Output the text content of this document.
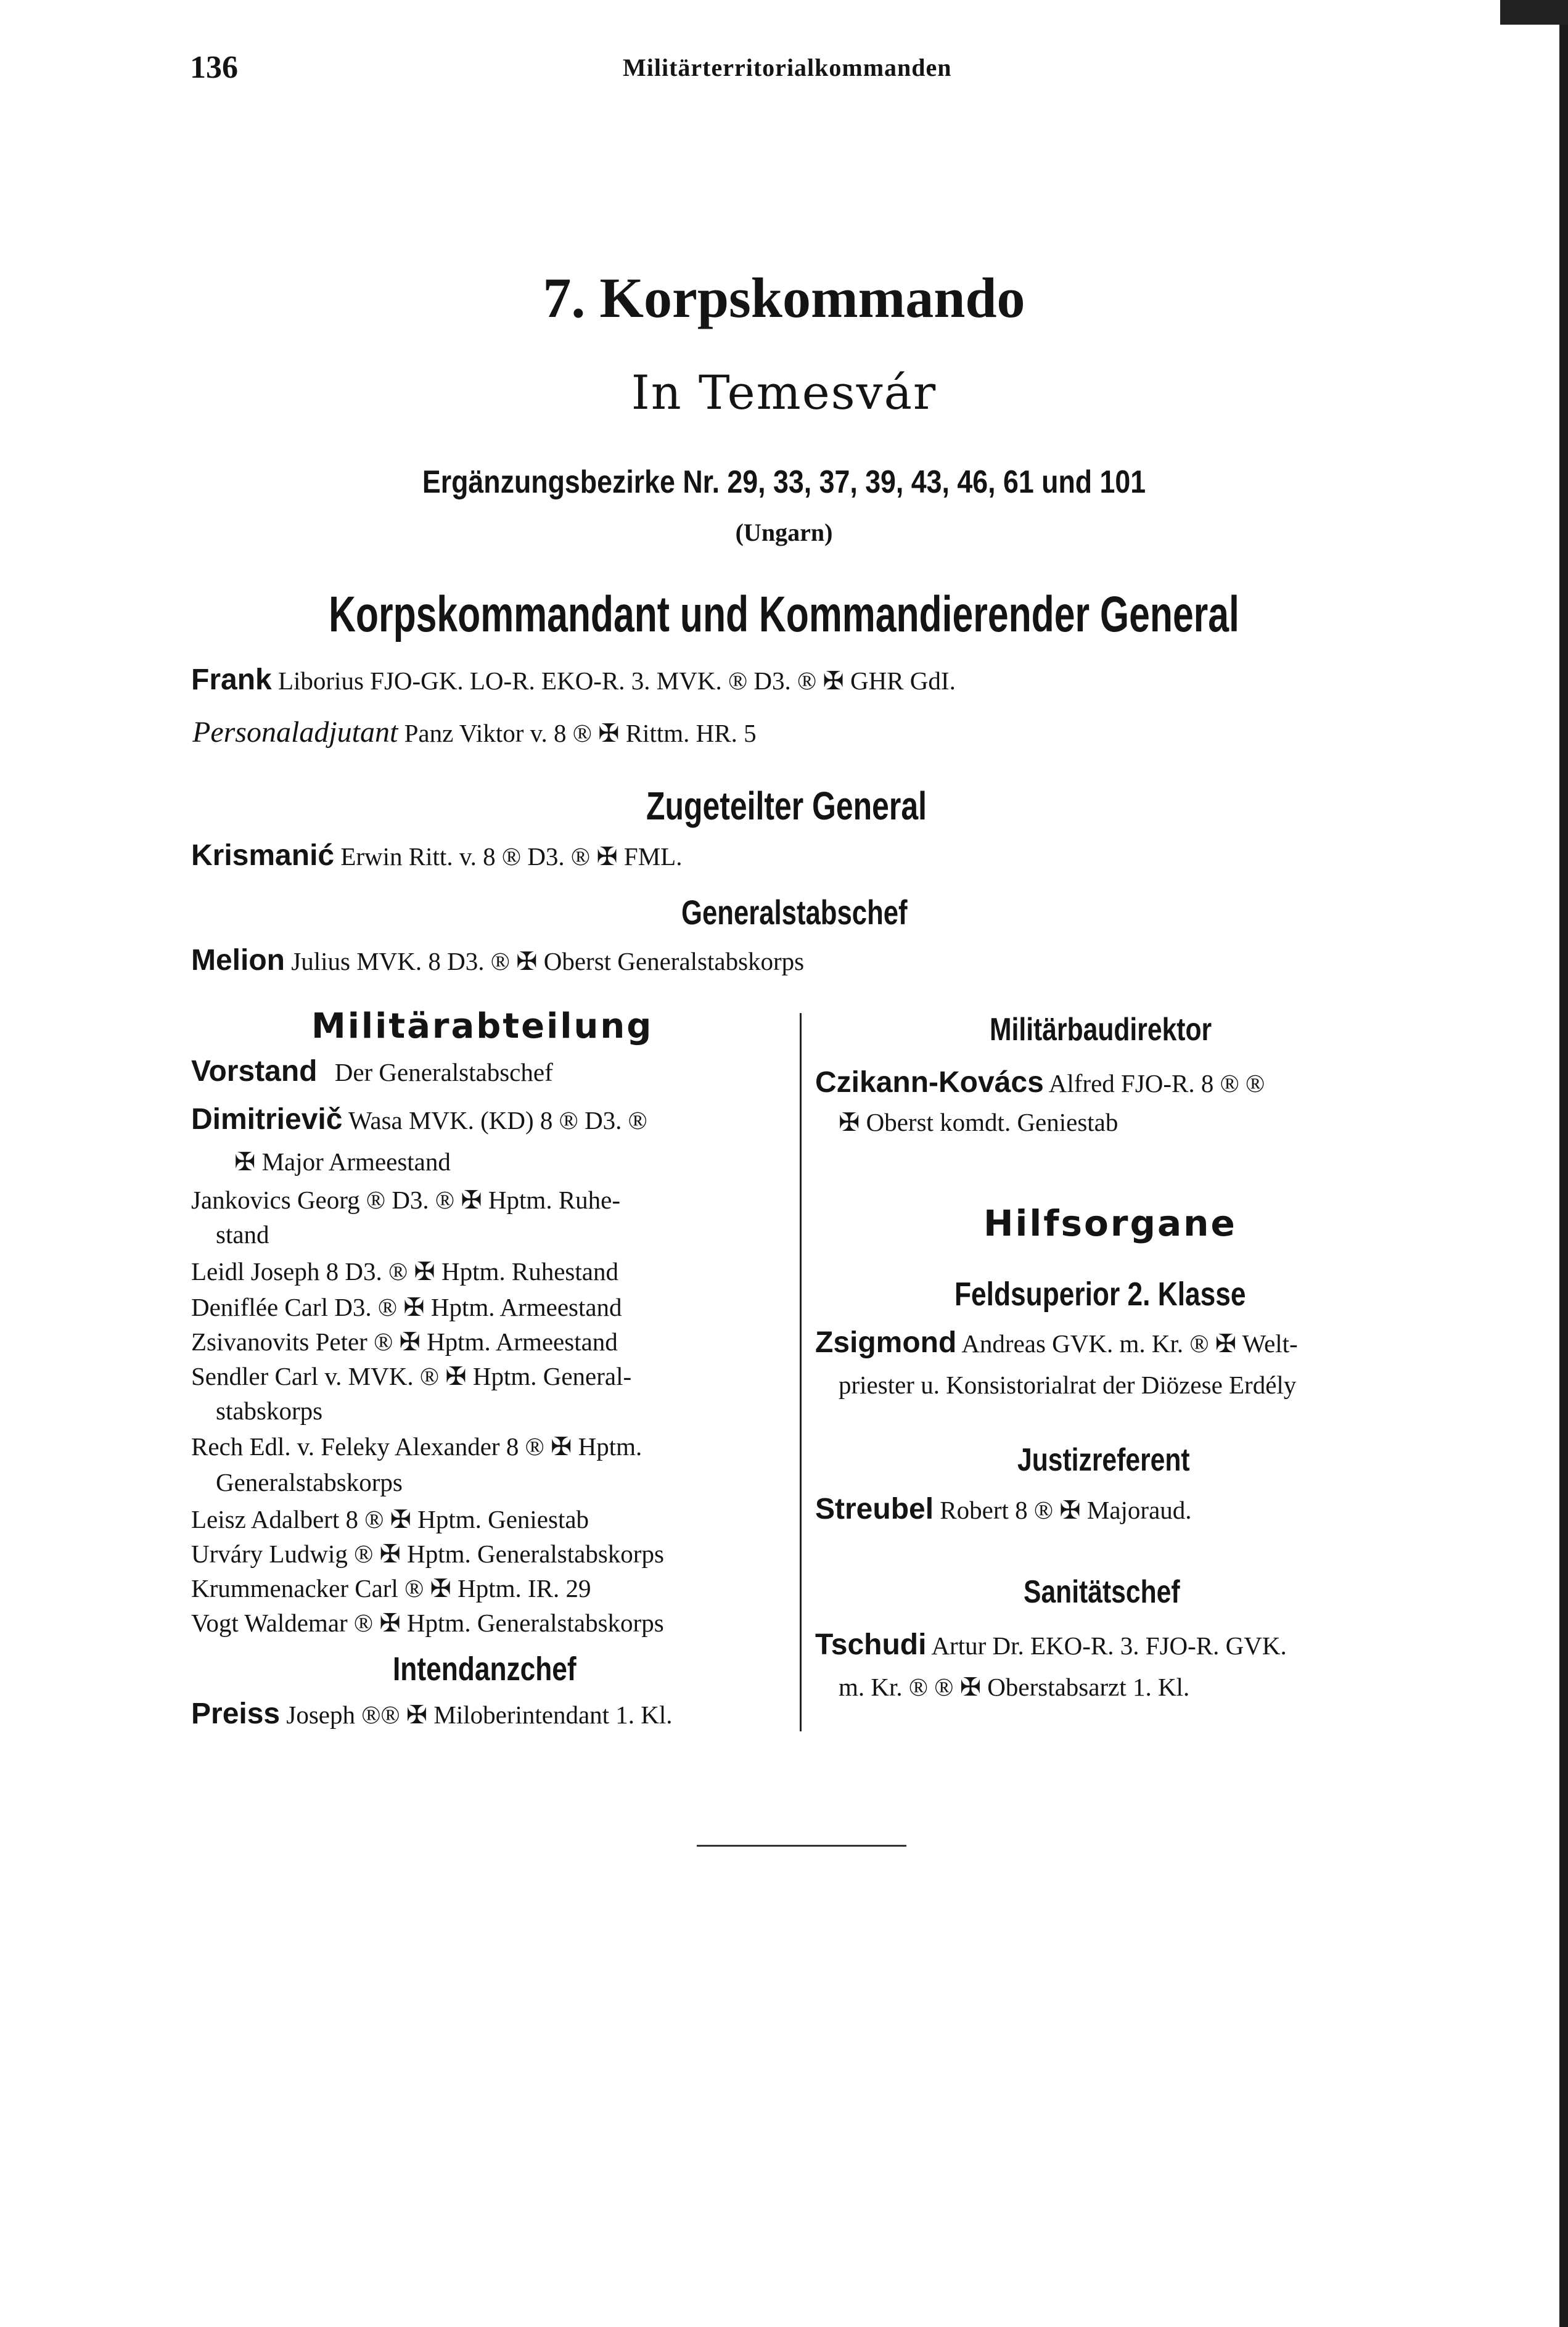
136	Militärterritorialkommanden
7. Korpskommando
In Temesvár
Ergänzungsbezirke Nr. 29, 33, 37, 39, 43, 46, 61 und 101
(Ungarn)
Korpskommandant und Kommandierender General
Frank Liborius FJO-GK. LO-R. EKO-R. 3. MVK. ® D3. ® ✠ GHR GdI.
Personaladjutant Panz Viktor v. 8 ® ✠ Rittm. HR. 5
Zugeteilter General
Krismanić Erwin Ritt. v. 8 ® D3. ® ✠ FML.
Generalstabschef
Melion Julius MVK. 8 D3. ® ✠ Oberst Generalstabskorps
Militärabteilung
Vorstand Der Generalstabschef
Dimitrievič Wasa MVK. (KD) 8 ® D3. ®
✠ Major Armeestand
Jankovics Georg ® D3. ® ✠ Hptm. Ruhe-
stand
Leidl Joseph 8 D3. ® ✠ Hptm. Ruhestand
Deniflée Carl D3. ® ✠ Hptm. Armeestand
Zsivanovits Peter ® ✠ Hptm. Armeestand
Sendler Carl v. MVK. ® ✠ Hptm. General-
stabskorps
Rech Edl. v. Feleky Alexander 8 ® ✠ Hptm.
Generalstabskorps
Leisz Adalbert 8 ® ✠ Hptm. Geniestab
Urváry Ludwig ® ✠ Hptm. Generalstabskorps
Krummenacker Carl ® ✠ Hptm. IR. 29
Vogt Waldemar ® ✠ Hptm. Generalstabskorps
Intendanzchef
Preiss Joseph ®® ✠ Miloberintendant 1. Kl.
Militärbaudirektor
Czikann-Kovács Alfred FJO-R. 8 ® ®
✠ Oberst komdt. Geniestab
Hilfsorgane
Feldsuperior 2. Klasse
Zsigmond Andreas GVK. m. Kr. ® ✠ Welt-
priester u. Konsistorialrat der Diözese Erdély
Justizreferent
Streubel Robert 8 ® ✠ Majoraud.
Sanitätschef
Tschudi Artur Dr. EKO-R. 3. FJO-R. GVK.
m. Kr. ® ® ✠ Oberstabsarzt 1. Kl.
